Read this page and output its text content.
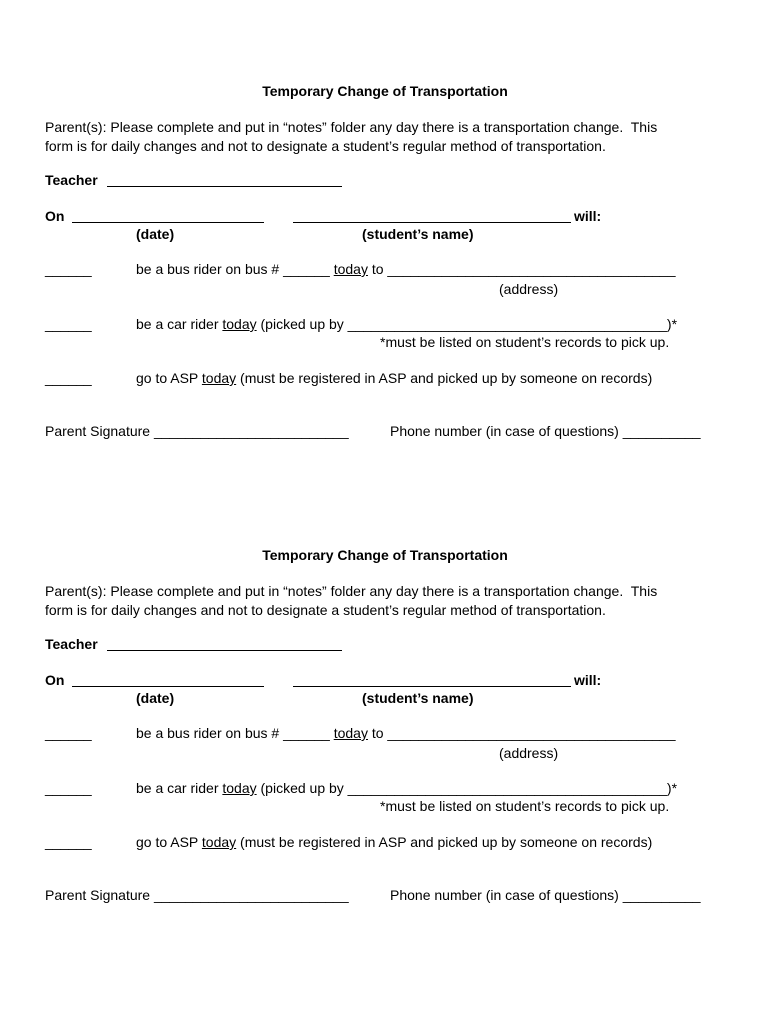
Temporary Change of Transportation
Parent(s): Please complete and put in “notes” folder any day there is a transportation change.  This
form is for daily changes and not to designate a student’s regular method of transportation.
Teacher
On	will:
(date)	(student’s name)
______	be a bus rider on bus # ______ today to _____________________________________
(address)
______	be a car rider today (picked up by _________________________________________)*
*must be listed on student’s records to pick up.
______	go to ASP today (must be registered in ASP and picked up by someone on records)
Parent Signature _________________________	Phone number (in case of questions) __________
Temporary Change of Transportation
Parent(s): Please complete and put in “notes” folder any day there is a transportation change.  This
form is for daily changes and not to designate a student’s regular method of transportation.
Teacher
On	will:
(date)	(student’s name)
______	be a bus rider on bus # ______ today to _____________________________________
(address)
______	be a car rider today (picked up by _________________________________________)*
*must be listed on student’s records to pick up.
______	go to ASP today (must be registered in ASP and picked up by someone on records)
Parent Signature _________________________	Phone number (in case of questions) __________
